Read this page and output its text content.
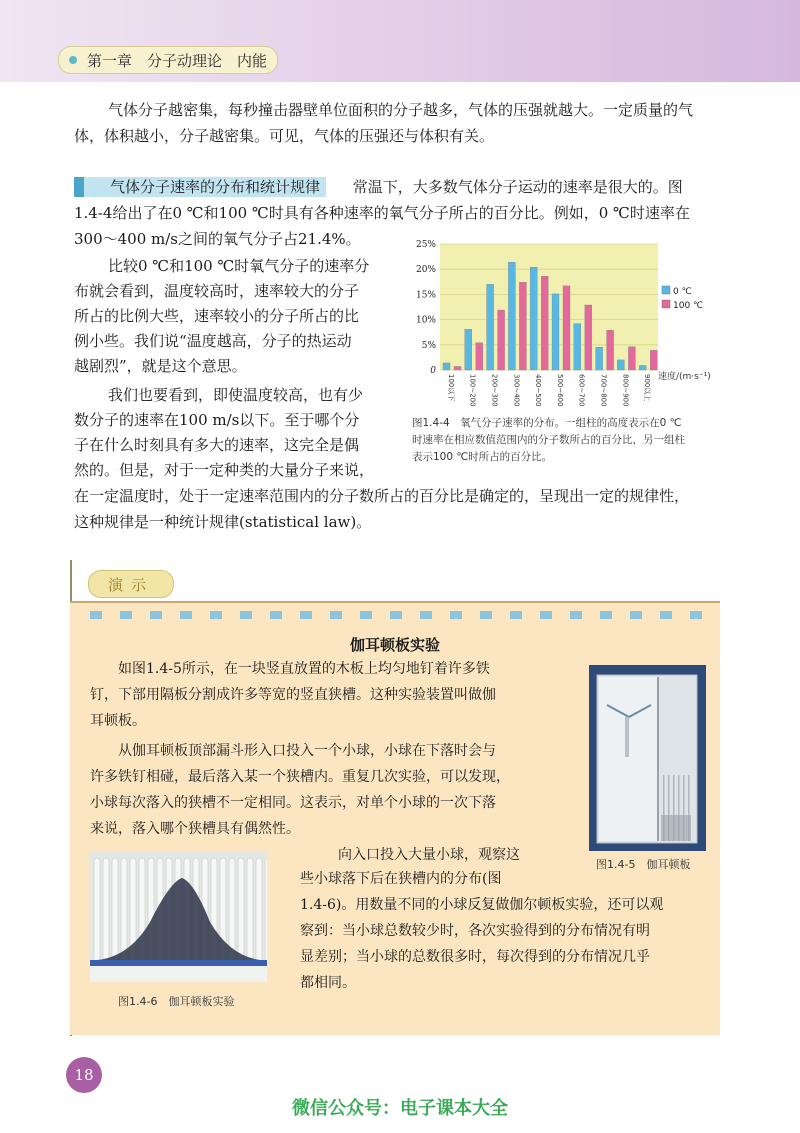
第一章　分子动理论　内能
气体分子越密集，每秒撞击器壁单位面积的分子越多，气体的压强就越大。一定质量的气
体，体积越小，分子越密集。可见，气体的压强还与体积有关。
气体分子速率的分布和统计规律 常温下，大多数气体分子运动的速率是很大的。图
1.4-4给出了在0 ℃和100 ℃时具有各种速率的氧气分子所占的百分比。例如，0 ℃时速率在
300～400 m/s之间的氧气分子占21.4%。
比较0 ℃和100 ℃时氧气分子的速率分
布就会看到，温度较高时，速率较大的分子
所占的比例大些，速率较小的分子所占的比
例小些。我们说“温度越高，分子的热运动
越剧烈”，就是这个意思。
我们也要看到，即使温度较高，也有少
数分子的速率在100 m/s以下。至于哪个分
子在什么时刻具有多大的速率，这完全是偶
然的。但是，对于一定种类的大量分子来说，
在一定温度时，处于一定速率范围内的分子数所占的百分比是确定的，呈现出一定的规律性，
这种规律是一种统计规律(statistical law)。
25%
20%
15%
10%
5%
0
100以下 100~200 200~300 300~400 400~500 500~600 600~700 700~800 800~900 900以上
0 ℃
100 ℃
速度/(m·s⁻¹)
图1.4-4　氧气分子速率的分布。一组柱的高度表示在0 ℃
时速率在相应数值范围内的分子数所占的百分比，另一组柱
表示100 ℃时所占的百分比。
演示
伽耳顿板实验
如图1.4-5所示，在一块竖直放置的木板上均匀地钉着许多铁
钉，下部用隔板分割成许多等宽的竖直狭槽。这种实验装置叫做伽
耳顿板。
从伽耳顿板顶部漏斗形入口投入一个小球，小球在下落时会与
许多铁钉相碰，最后落入某一个狭槽内。重复几次实验，可以发现，
小球每次落入的狭槽不一定相同。这表示，对单个小球的一次下落
来说，落入哪个狭槽具有偶然性。
向入口投入大量小球，观察这
些小球落下后在狭槽内的分布(图
1.4-6)。用数量不同的小球反复做伽尔顿板实验，还可以观
察到：当小球总数较少时，各次实验得到的分布情况有明
显差别；当小球的总数很多时，每次得到的分布情况几乎
都相同。
图1.4-5　伽耳顿板
图1.4-6　伽耳顿板实验
18
微信公众号：电子课本大全
